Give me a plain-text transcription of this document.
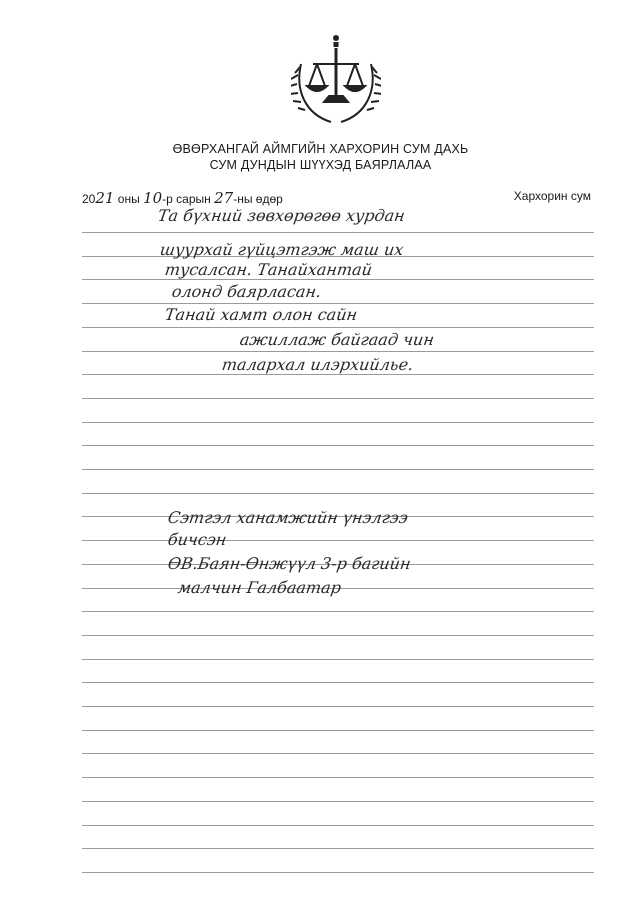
ӨВӨРХАНГАЙ АЙМГИЙН ХАРХОРИН СУМ ДАХЬ
СУМ ДУНДЫН ШҮҮХЭД БАЯРЛАЛАА
2021 оны 10-р сарын 27-ны өдөр	Хархорин сум
Та бүхний зөвхөрөгөө хурдан
шуурхай гүйцэтгэж маш их
тусалсан. Танайхантай
олонд баярласан.
Танай хамт олон сайн
ажиллаж байгаад чин
талархал илэрхийлье.
Сэтгэл ханамжийн үнэлгээ
бичсэн
ӨВ.Баян-Өнжүүл 3-р багийн
малчин Галбаатар
